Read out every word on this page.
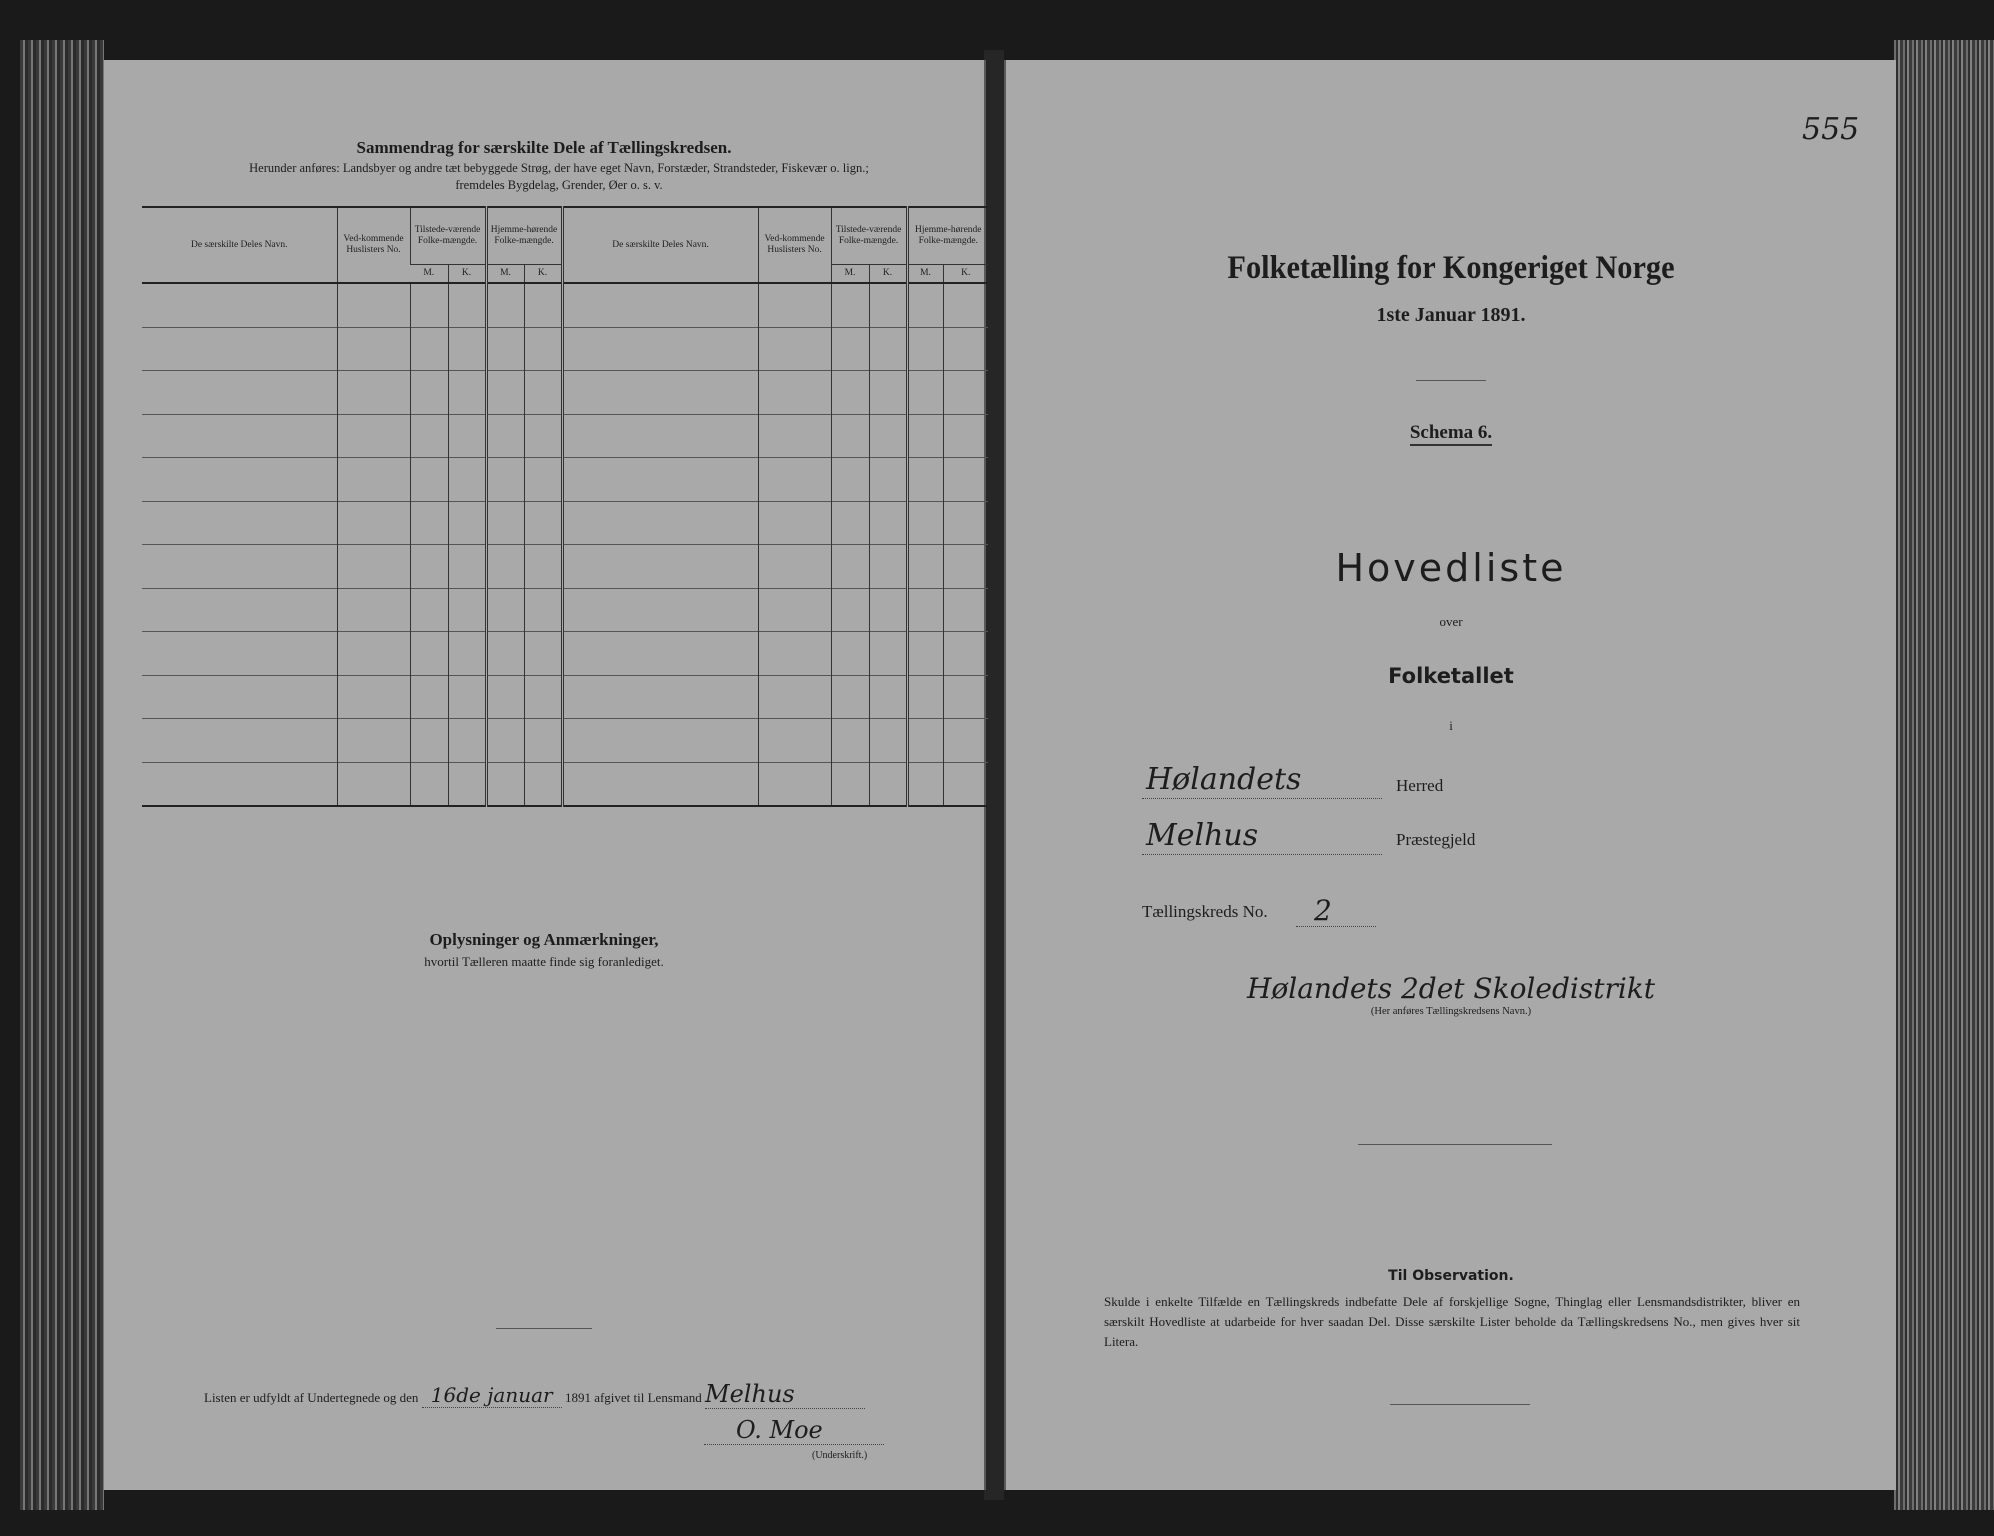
Sammendrag for særskilte Dele af Tællingskredsen.
Herunder anføres: Landsbyer og andre tæt bebyggede Strøg, der have eget Navn, Forstæder, Strandsteder, Fiskevær o. lign.;
fremdeles Bygdelag, Grender, Øer o. s. v.
De særskilte Deles Navn.	Ved-kommende Huslisters No.	Tilstede-værende Folke-mængde.		Hjemme-hørende Folke-mængde.		De særskilte Deles Navn.	Ved-kommende Huslisters No.	Tilstede-værende Folke-mængde.		Hjemme-hørende Folke-mængde.	
		M.	K.	M.	K.			M.	K.	M.	K.

Oplysninger og Anmærkninger,
hvortil Tælleren maatte finde sig foranlediget.
Listen er udfyldt af Undertegnede og den 16de januar 1891 afgivet til Lensmand Melhus
O. Moe
(Underskrift.)
555
Folketælling for Kongeriget Norge
1ste Januar 1891.
Schema 6.
Hovedliste
over
Folketallet
i
Hølandets	Herred
Melhus	Præstegjeld
Tællingskreds No. 2
Hølandets 2det Skoledistrikt
(Her anføres Tællingskredsens Navn.)
Til Observation.
Skulde i enkelte Tilfælde en Tællingskreds indbefatte Dele af forskjellige Sogne, Thinglag eller Lensmandsdistrikter, bliver en særskilt Hovedliste at udarbeide for hver saadan Del. Disse særskilte Lister beholde da Tællingskredsens No., men gives hver sit Litera.
